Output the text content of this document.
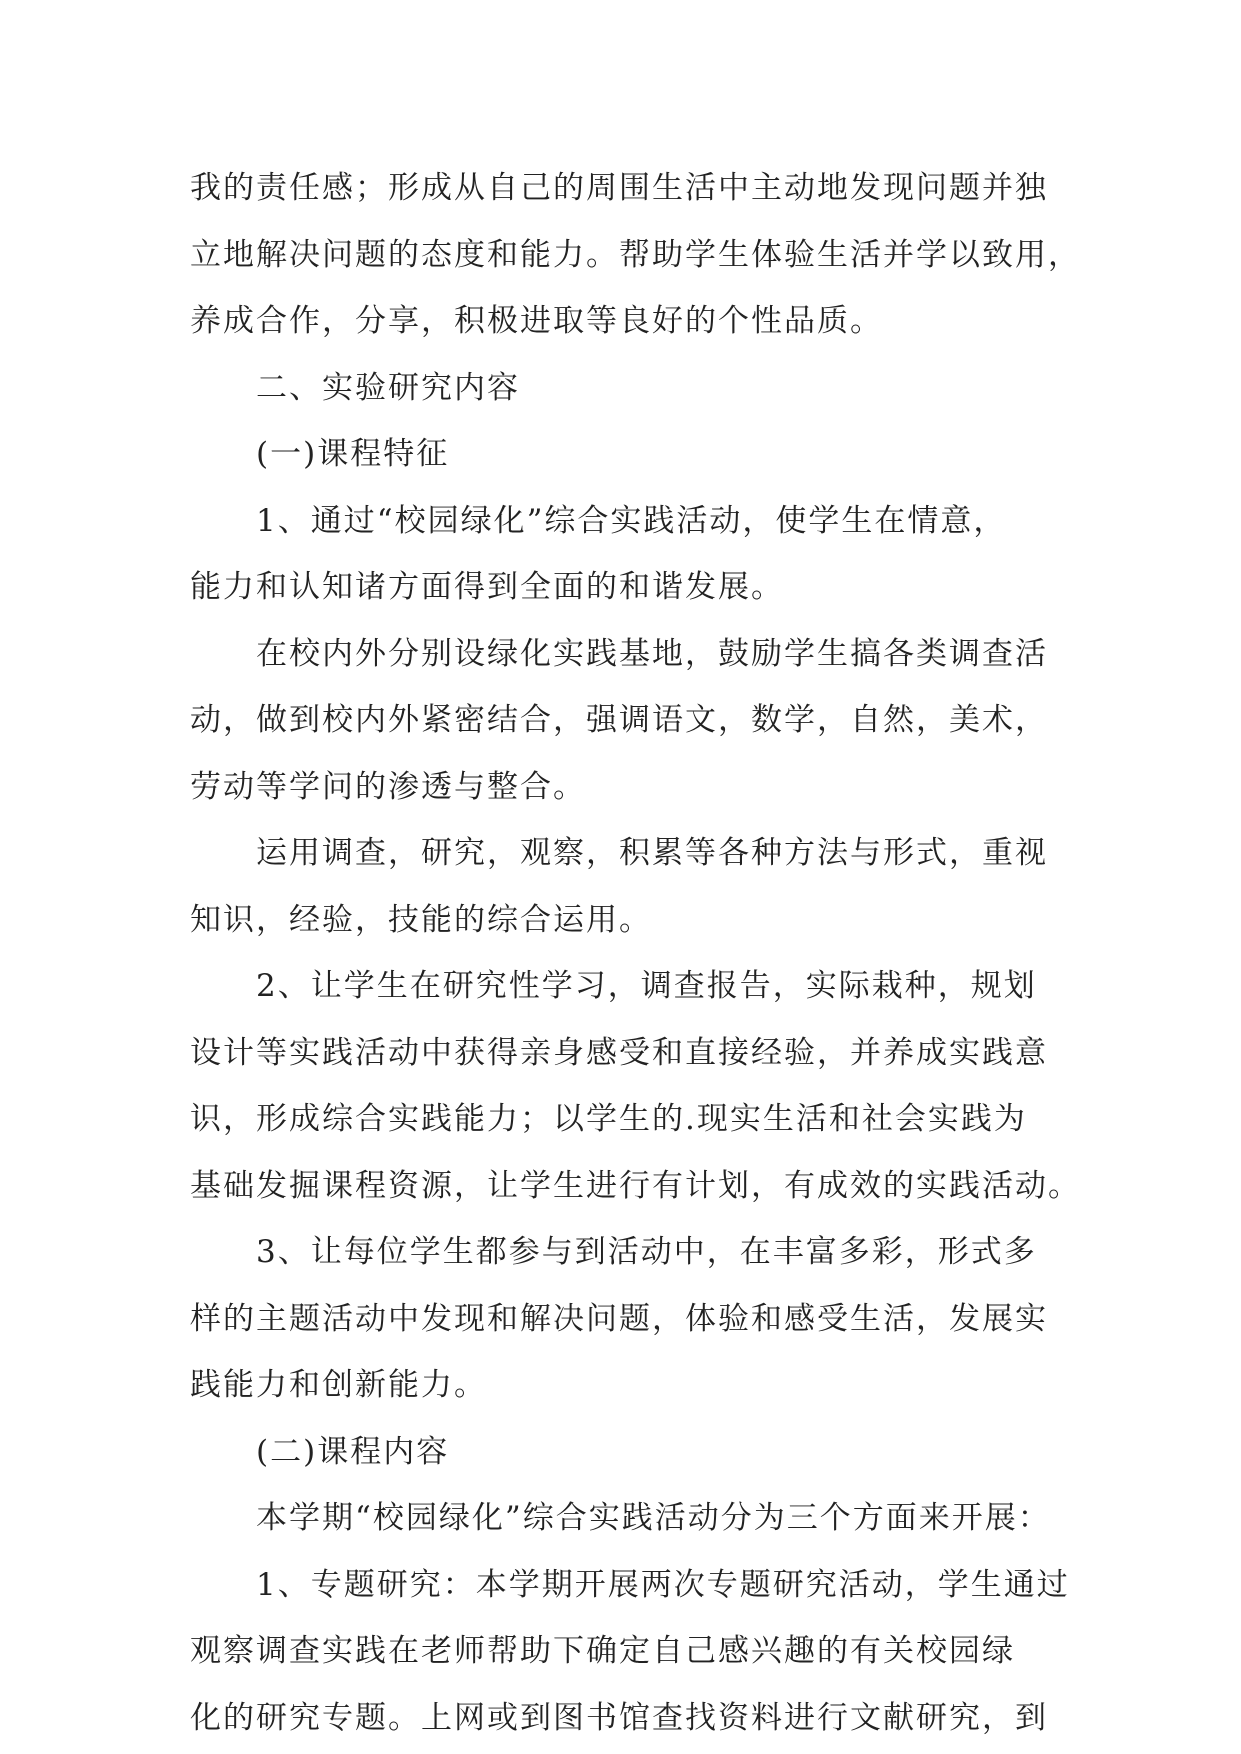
我的责任感；形成从自己的周围生活中主动地发现问题并独
立地解决问题的态度和能力。帮助学生体验生活并学以致用，
养成合作，分享，积极进取等良好的个性品质。
二、实验研究内容
(一)课程特征
1、通过“校园绿化”综合实践活动，使学生在情意，
能力和认知诸方面得到全面的和谐发展。
在校内外分别设绿化实践基地，鼓励学生搞各类调查活
动，做到校内外紧密结合，强调语文，数学，自然，美术，
劳动等学问的渗透与整合。
运用调查，研究，观察，积累等各种方法与形式，重视
知识，经验，技能的综合运用。
2、让学生在研究性学习，调查报告，实际栽种，规划
设计等实践活动中获得亲身感受和直接经验，并养成实践意
识，形成综合实践能力；以学生的.现实生活和社会实践为
基础发掘课程资源，让学生进行有计划，有成效的实践活动。
3、让每位学生都参与到活动中，在丰富多彩，形式多
样的主题活动中发现和解决问题，体验和感受生活，发展实
践能力和创新能力。
(二)课程内容
本学期“校园绿化”综合实践活动分为三个方面来开展：
1、专题研究：本学期开展两次专题研究活动，学生通过
观察调查实践在老师帮助下确定自己感兴趣的有关校园绿
化的研究专题。上网或到图书馆查找资料进行文献研究，到
